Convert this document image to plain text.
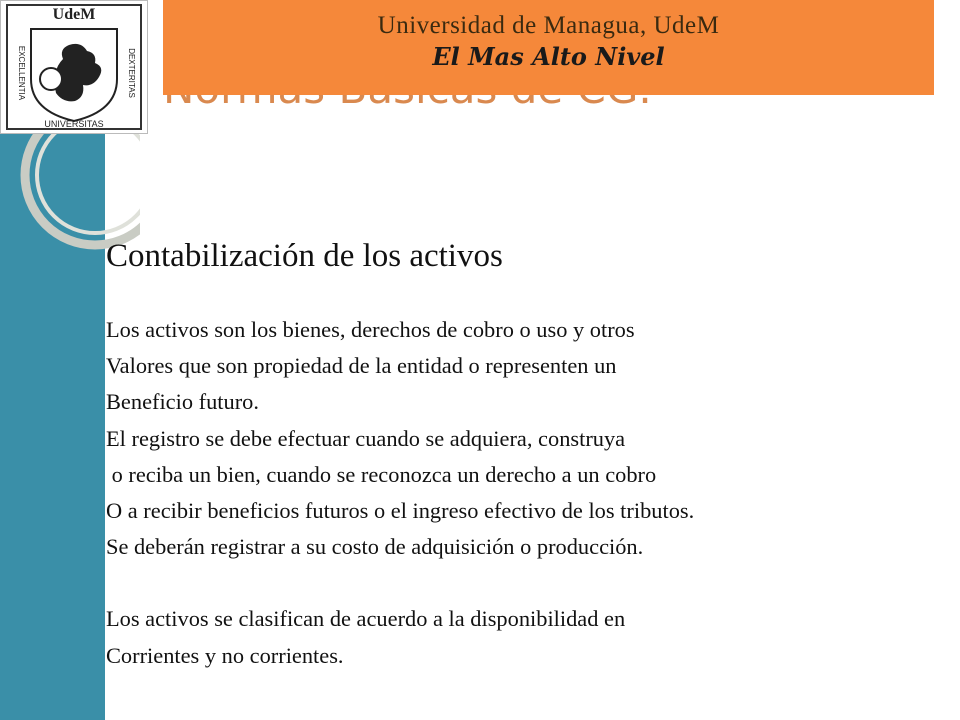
Universidad de Managua, UdeM
El Mas Alto Nivel
UdeM
UNIVERSITAS
EXCELLENTIA	DEXTERITAS
Contabilización de los activos

Los activos son los bienes, derechos de cobro o uso y otros

Valores que son propiedad de la entidad o representen un

Beneficio futuro.

El registro se debe efectuar cuando se adquiera, construya

o reciba un bien, cuando se reconozca un derecho a un cobro

O a recibir beneficios futuros o el ingreso efectivo de los tributos.

Se deberán registrar a su costo de adquisición o producción.

Los activos se clasifican de acuerdo a la disponibilidad en

Corrientes y no corrientes.
